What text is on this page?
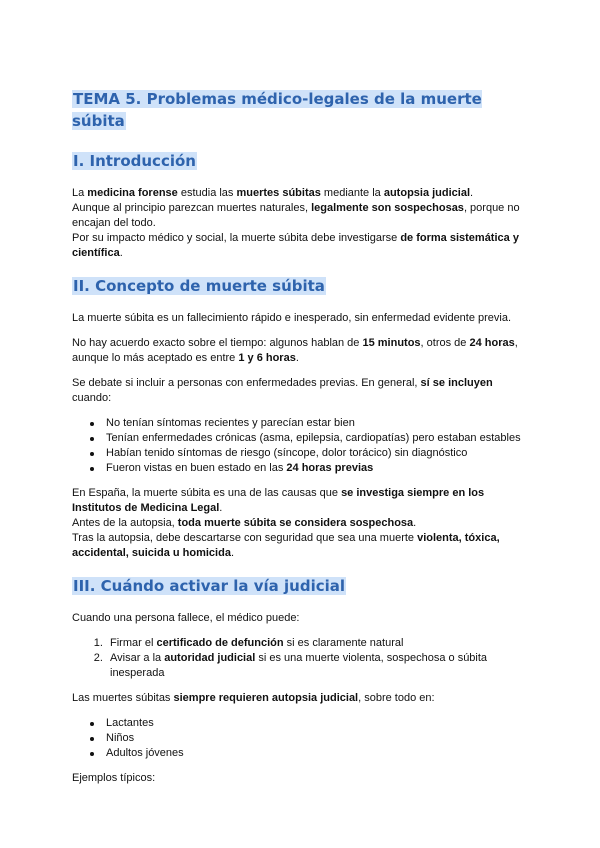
TEMA 5. Problemas médico-legales de la muerte súbita
I. Introducción

La medicina forense estudia las muertes súbitas mediante la autopsia judicial.

Aunque al principio parezcan muertes naturales, legalmente son sospechosas, porque no encajan del todo.

Por su impacto médico y social, la muerte súbita debe investigarse de forma sistemática y científica.

II. Concepto de muerte súbita

La muerte súbita es un fallecimiento rápido e inesperado, sin enfermedad evidente previa.

No hay acuerdo exacto sobre el tiempo: algunos hablan de 15 minutos, otros de 24 horas, aunque lo más aceptado es entre 1 y 6 horas.

Se debate si incluir a personas con enfermedades previas. En general, sí se incluyen cuando:

No tenían síntomas recientes y parecían estar bien
Tenían enfermedades crónicas (asma, epilepsia, cardiopatías) pero estaban estables
Habían tenido síntomas de riesgo (síncope, dolor torácico) sin diagnóstico
Fueron vistas en buen estado en las 24 horas previas

En España, la muerte súbita es una de las causas que se investiga siempre en los Institutos de Medicina Legal.

Antes de la autopsia, toda muerte súbita se considera sospechosa.

Tras la autopsia, debe descartarse con seguridad que sea una muerte violenta, tóxica, accidental, suicida u homicida.

III. Cuándo activar la vía judicial

Cuando una persona fallece, el médico puede:

1. Firmar el certificado de defunción si es claramente natural
2. Avisar a la autoridad judicial si es una muerte violenta, sospechosa o súbita inesperada

Las muertes súbitas siempre requieren autopsia judicial, sobre todo en:

Lactantes
Niños
Adultos jóvenes

Ejemplos típicos:
